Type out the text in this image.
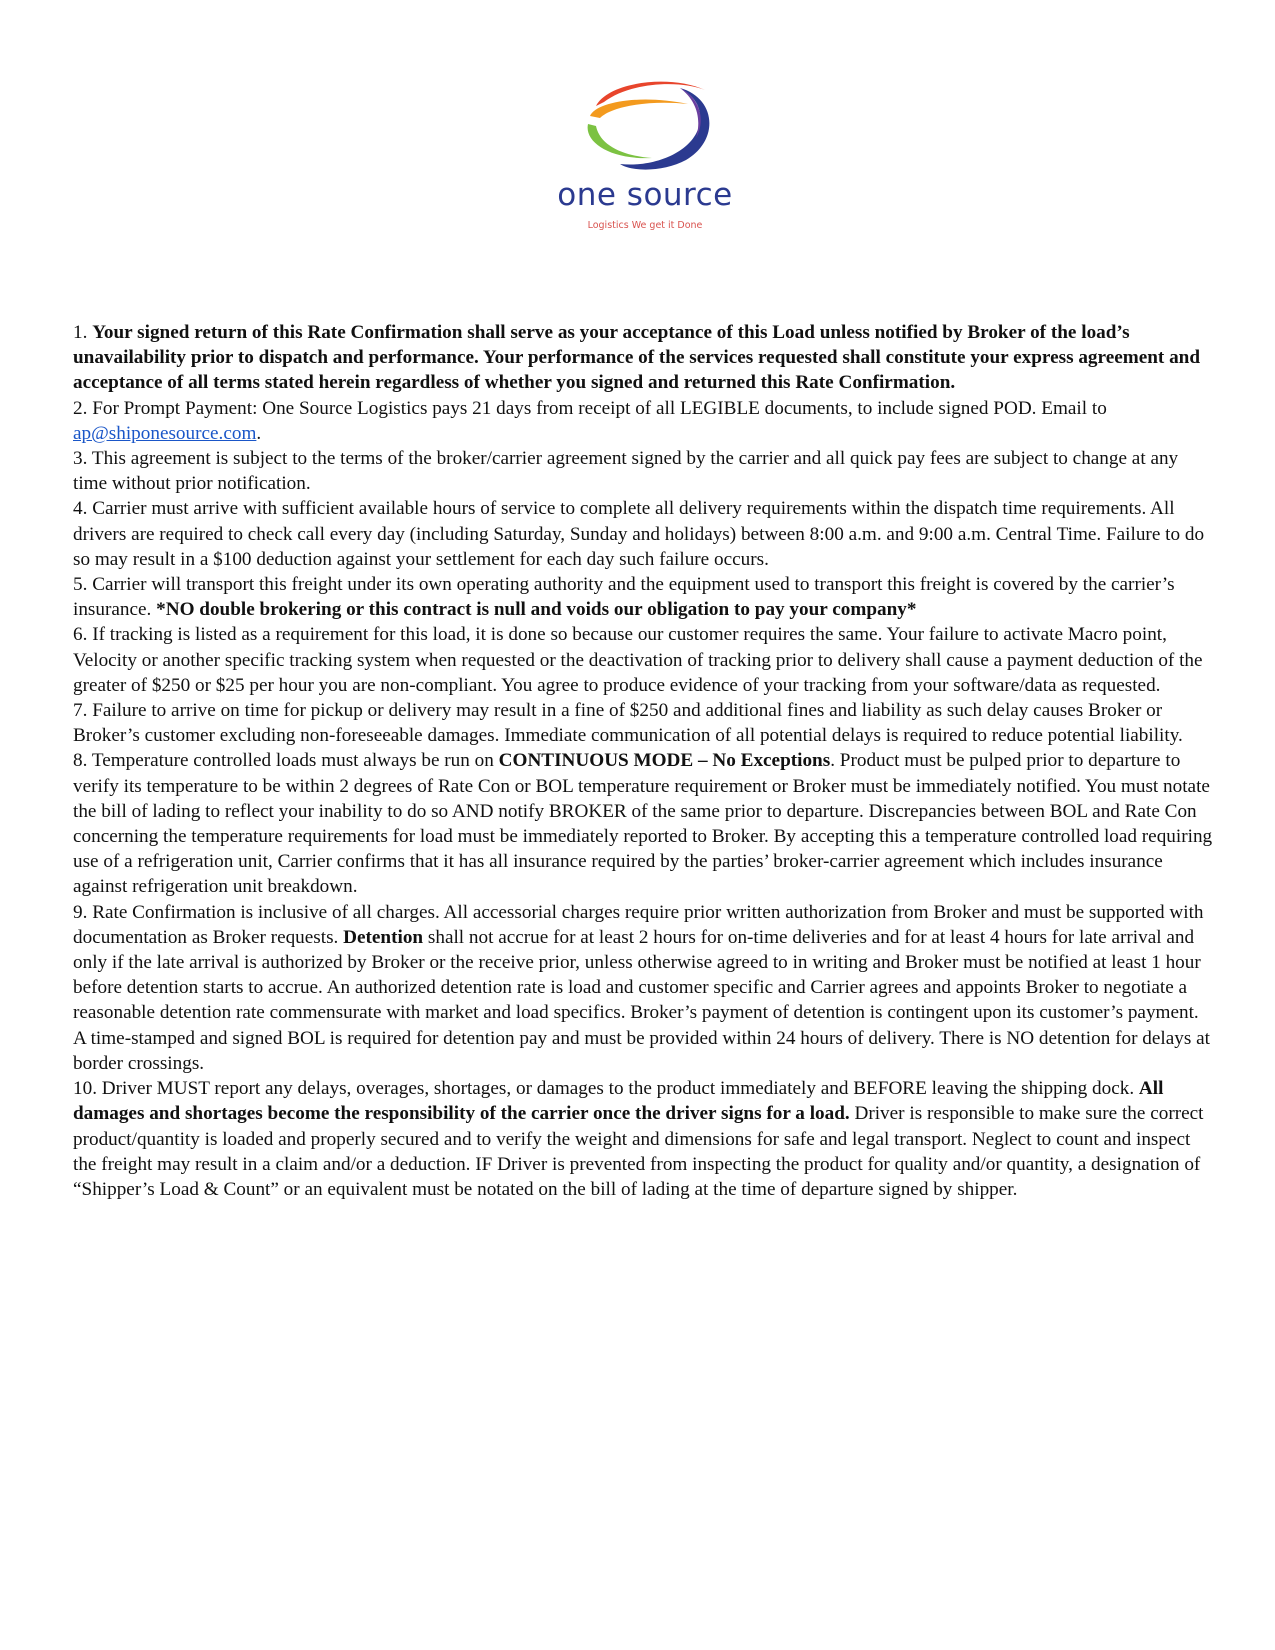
one source
Logistics We get it Done

1. Your signed return of this Rate Confirmation shall serve as your acceptance of this Load unless notified by Broker of the load’s unavailability prior to dispatch and performance. Your performance of the services requested shall constitute your express agreement and acceptance of all terms stated herein regardless of whether you signed and returned this Rate Confirmation.

2. For Prompt Payment: One Source Logistics pays 21 days from receipt of all LEGIBLE documents, to include signed POD. Email to ap@shiponesource.com.

3. This agreement is subject to the terms of the broker/carrier agreement signed by the carrier and all quick pay fees are subject to change at any time without prior notification.

4. Carrier must arrive with sufficient available hours of service to complete all delivery requirements within the dispatch time requirements. All drivers are required to check call every day (including Saturday, Sunday and holidays) between 8:00 a.m. and 9:00 a.m. Central Time. Failure to do so may result in a $100 deduction against your settlement for each day such failure occurs.

5. Carrier will transport this freight under its own operating authority and the equipment used to transport this freight is covered by the carrier’s insurance. *NO double brokering or this contract is null and voids our obligation to pay your company*

6. If tracking is listed as a requirement for this load, it is done so because our customer requires the same. Your failure to activate Macro point, Velocity or another specific tracking system when requested or the deactivation of tracking prior to delivery shall cause a payment deduction of the greater of $250 or $25 per hour you are non-compliant. You agree to produce evidence of your tracking from your software/data as requested.

7. Failure to arrive on time for pickup or delivery may result in a fine of $250 and additional fines and liability as such delay causes Broker or Broker’s customer excluding non-foreseeable damages. Immediate communication of all potential delays is required to reduce potential liability.

8. Temperature controlled loads must always be run on CONTINUOUS MODE – No Exceptions. Product must be pulped prior to departure to verify its temperature to be within 2 degrees of Rate Con or BOL temperature requirement or Broker must be immediately notified. You must notate the bill of lading to reflect your inability to do so AND notify BROKER of the same prior to departure. Discrepancies between BOL and Rate Con concerning the temperature requirements for load must be immediately reported to Broker. By accepting this a temperature controlled load requiring use of a refrigeration unit, Carrier confirms that it has all insurance required by the parties’ broker-carrier agreement which includes insurance against refrigeration unit breakdown.

9. Rate Confirmation is inclusive of all charges. All accessorial charges require prior written authorization from Broker and must be supported with documentation as Broker requests. Detention shall not accrue for at least 2 hours for on-time deliveries and for at least 4 hours for late arrival and only if the late arrival is authorized by Broker or the receive prior, unless otherwise agreed to in writing and Broker must be notified at least 1 hour before detention starts to accrue. An authorized detention rate is load and customer specific and Carrier agrees and appoints Broker to negotiate a reasonable detention rate commensurate with market and load specifics. Broker’s payment of detention is contingent upon its customer’s payment. A time-stamped and signed BOL is required for detention pay and must be provided within 24 hours of delivery. There is NO detention for delays at border crossings.

10. Driver MUST report any delays, overages, shortages, or damages to the product immediately and BEFORE leaving the shipping dock. All damages and shortages become the responsibility of the carrier once the driver signs for a load. Driver is responsible to make sure the correct product/quantity is loaded and properly secured and to verify the weight and dimensions for safe and legal transport. Neglect to count and inspect the freight may result in a claim and/or a deduction. IF Driver is prevented from inspecting the product for quality and/or quantity, a designation of “Shipper’s Load & Count” or an equivalent must be notated on the bill of lading at the time of departure signed by shipper.
